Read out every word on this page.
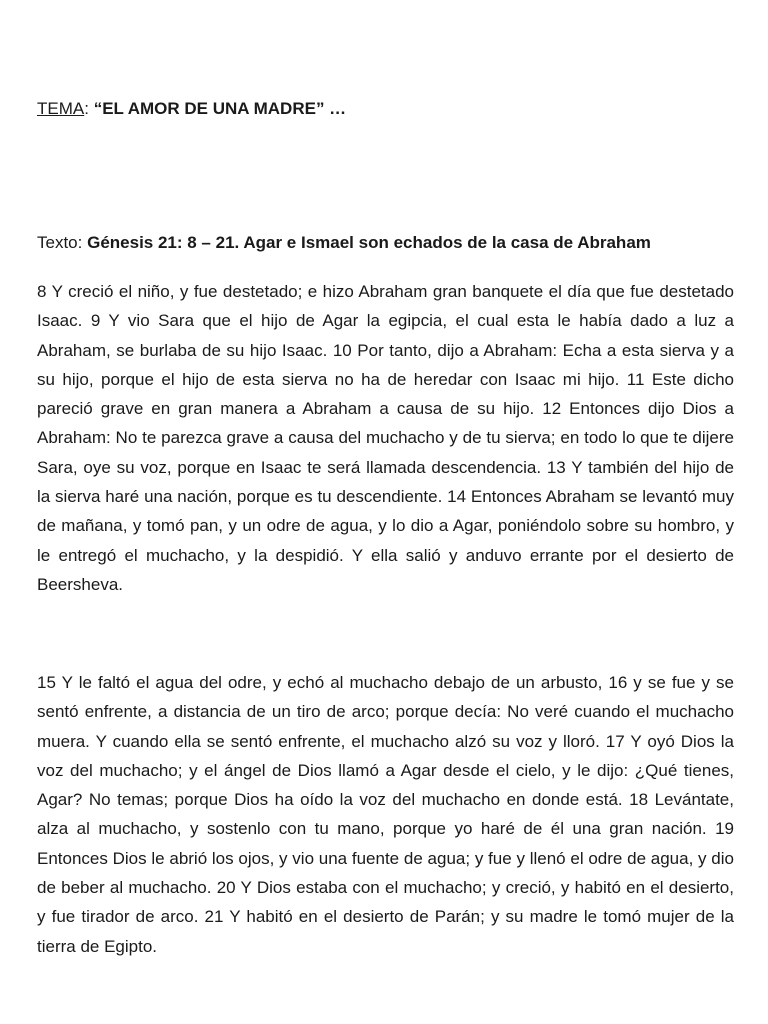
TEMA: “EL AMOR DE UNA MADRE” …

Texto: Génesis 21: 8 – 21. Agar e Ismael son echados de la casa de Abraham

8 Y creció el niño, y fue destetado; e hizo Abraham gran banquete el día que fue destetado Isaac. 9 Y vio Sara que el hijo de Agar la egipcia, el cual esta le había dado a luz a Abraham, se burlaba de su hijo Isaac. 10 Por tanto, dijo a Abraham: Echa a esta sierva y a su hijo, porque el hijo de esta sierva no ha de heredar con Isaac mi hijo. 11 Este dicho pareció grave en gran manera a Abraham a causa de su hijo. 12 Entonces dijo Dios a Abraham: No te parezca grave a causa del muchacho y de tu sierva; en todo lo que te dijere Sara, oye su voz, porque en Isaac te será llamada descendencia. 13 Y también del hijo de la sierva haré una nación, porque es tu descendiente. 14 Entonces Abraham se levantó muy de mañana, y tomó pan, y un odre de agua, y lo dio a Agar, poniéndolo sobre su hombro, y le entregó el muchacho, y la despidió. Y ella salió y anduvo errante por el desierto de Beersheva.

15 Y le faltó el agua del odre, y echó al muchacho debajo de un arbusto, 16 y se fue y se sentó enfrente, a distancia de un tiro de arco; porque decía: No veré cuando el muchacho muera. Y cuando ella se sentó enfrente, el muchacho alzó su voz y lloró. 17 Y oyó Dios la voz del muchacho; y el ángel de Dios llamó a Agar desde el cielo, y le dijo: ¿Qué tienes, Agar? No temas; porque Dios ha oído la voz del muchacho en donde está. 18 Levántate, alza al muchacho, y sostenlo con tu mano, porque yo haré de él una gran nación. 19 Entonces Dios le abrió los ojos, y vio una fuente de agua; y fue y llenó el odre de agua, y dio de beber al muchacho. 20 Y Dios estaba con el muchacho; y creció, y habitó en el desierto, y fue tirador de arco. 21 Y habitó en el desierto de Parán; y su madre le tomó mujer de la tierra de Egipto.
